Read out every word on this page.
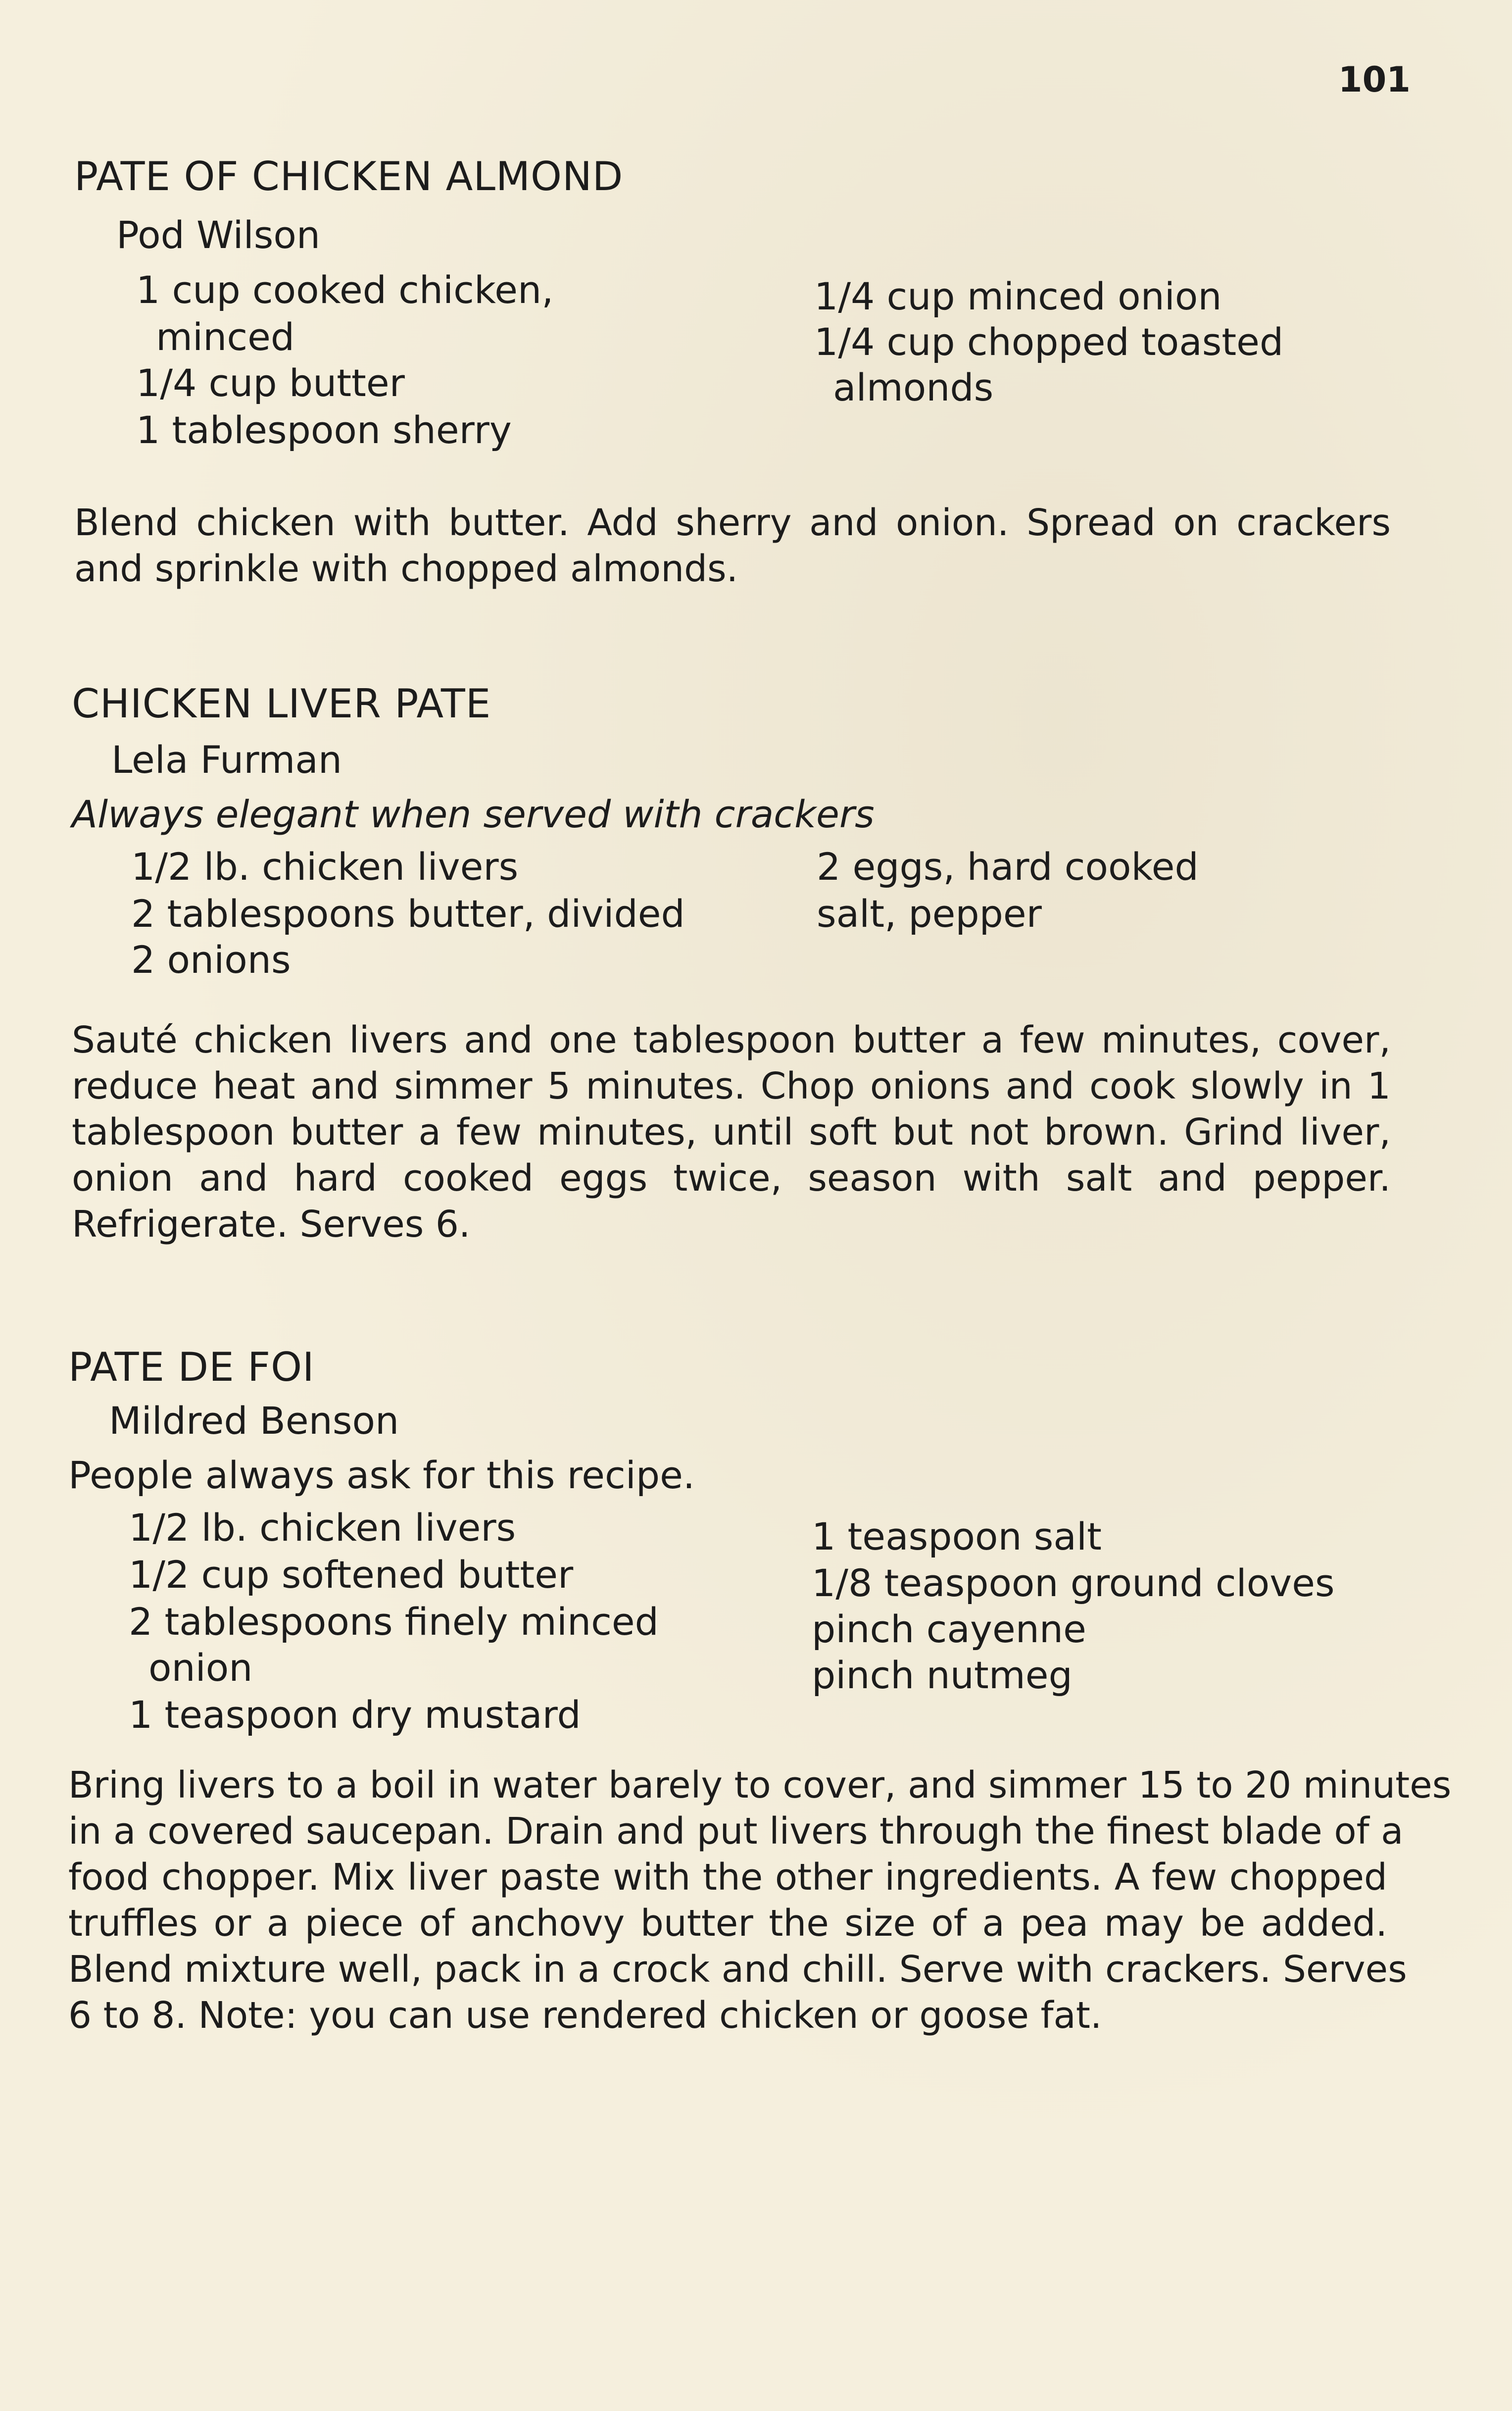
101
PATE OF CHICKEN ALMOND
Pod Wilson
1 cup cooked chicken,
minced
1/4 cup butter
1 tablespoon sherry
1/4 cup minced onion
1/4 cup chopped toasted
almonds
Blend chicken with butter. Add sherry and onion. Spread on crackers
and sprinkle with chopped almonds.
CHICKEN LIVER PATE
Lela Furman
Always elegant when served with crackers
1/2 lb. chicken livers
2 tablespoons butter, divided
2 onions
2 eggs, hard cooked
salt, pepper
Sauté chicken livers and one tablespoon butter a few minutes, cover,
reduce heat and simmer 5 minutes. Chop onions and cook slowly in 1
tablespoon butter a few minutes, until soft but not brown. Grind liver,
onion and hard cooked eggs twice, season with salt and pepper.
Refrigerate. Serves 6.
PATE DE FOI
Mildred Benson
People always ask for this recipe.
1/2 lb. chicken livers
1/2 cup softened butter
2 tablespoons finely minced
onion
1 teaspoon dry mustard
1 teaspoon salt
1/8 teaspoon ground cloves
pinch cayenne
pinch nutmeg
Bring livers to a boil in water barely to cover, and simmer 15 to 20 minutes
in a covered saucepan. Drain and put livers through the finest blade of a
food chopper. Mix liver paste with the other ingredients. A few chopped
truffles or a piece of anchovy butter the size of a pea may be added.
Blend mixture well, pack in a crock and chill. Serve with crackers. Serves
6 to 8. Note: you can use rendered chicken or goose fat.
